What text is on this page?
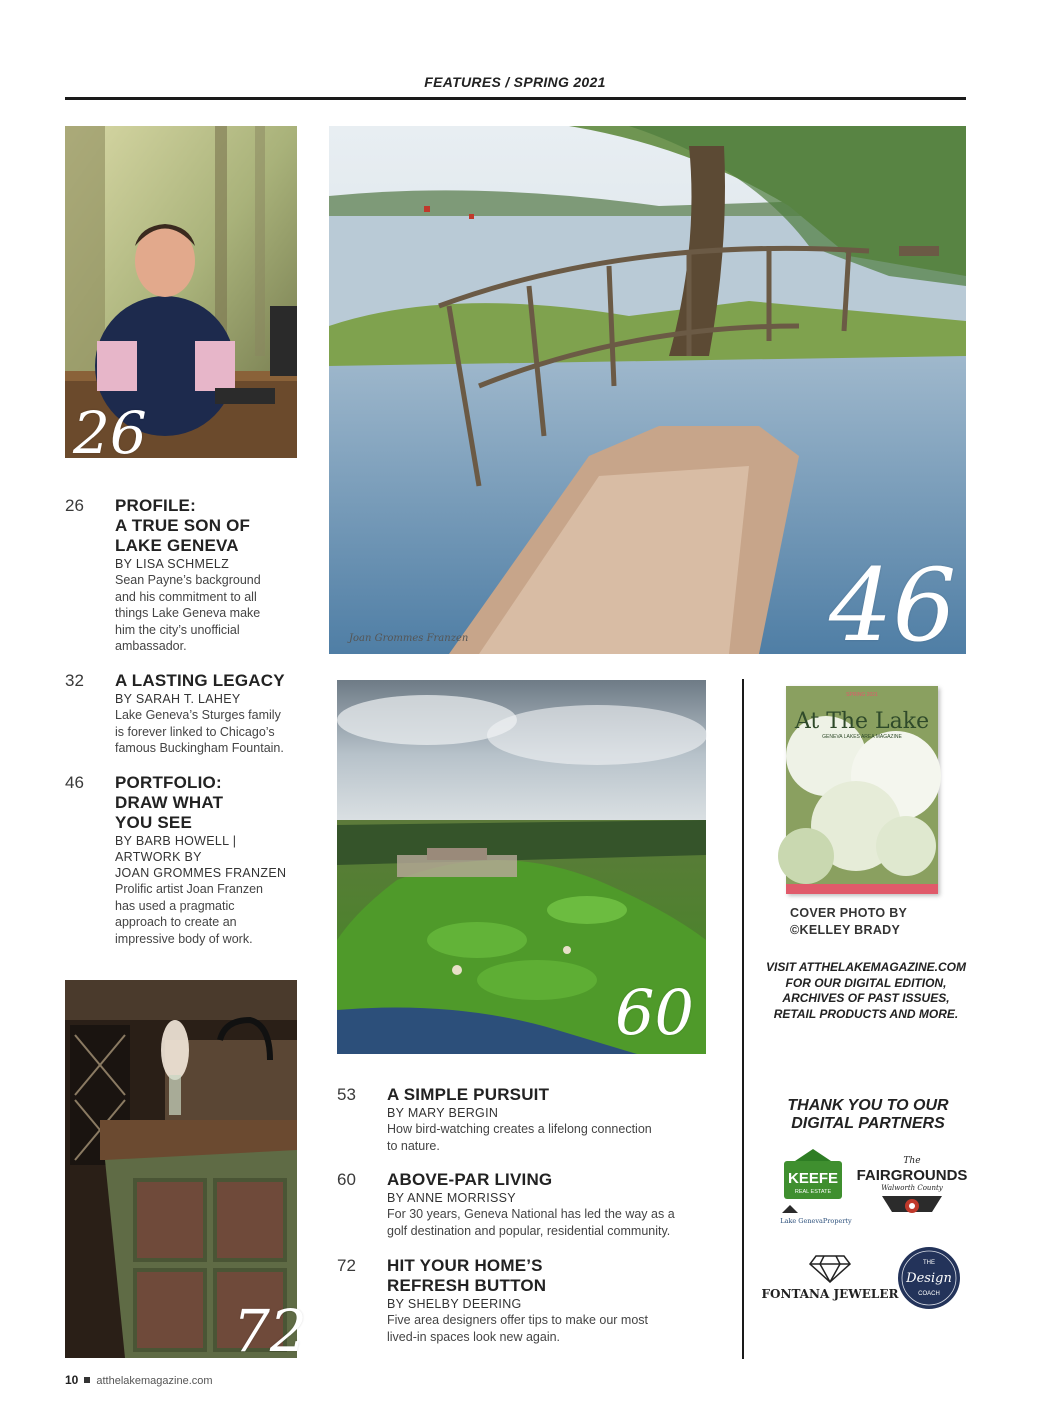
FEATURES / SPRING 2021
26
Joan Grommes Franzen	46
26 PROFILE:
A TRUE SON OF
LAKE GENEVA
BY LISA SCHMELZ
Sean Payne’s background
and his commitment to all
things Lake Geneva make
him the city’s unofficial
ambassador.
32 A LASTING LEGACY
BY SARAH T. LAHEY
Lake Geneva’s Sturges family
is forever linked to Chicago’s
famous Buckingham Fountain.
46 PORTFOLIO:
DRAW WHAT
YOU SEE
BY BARB HOWELL |
ARTWORK BY
JOAN GROMMES FRANZEN
Prolific artist Joan Franzen
has used a pragmatic
approach to create an
impressive body of work.
72
60
53 A SIMPLE PURSUIT
BY MARY BERGIN
How bird-watching creates a lifelong connection
to nature.
60 ABOVE-PAR LIVING
BY ANNE MORRISSY
For 30 years, Geneva National has led the way as a
golf destination and popular, residential community.
72 HIT YOUR HOME’S
REFRESH BUTTON
BY SHELBY DEERING
Five area designers offer tips to make our most
lived-in spaces look new again.
At The Lake
GENEVA LAKES AREA MAGAZINE
SPRING 2021
COVER PHOTO BY
©KELLEY BRADY
VISIT ATTHELAKEMAGAZINE.COM
FOR OUR DIGITAL EDITION,
ARCHIVES OF PAST ISSUES,
RETAIL PRODUCTS AND MORE.
THANK YOU TO OUR
DIGITAL PARTNERS
KEEFE
REAL ESTATE
Lake GenevaProperty
The
FAIRGROUNDS
Walworth County
FONTANA JEWELER
THE
Design
COACH
10 atthelakemagazine.com
